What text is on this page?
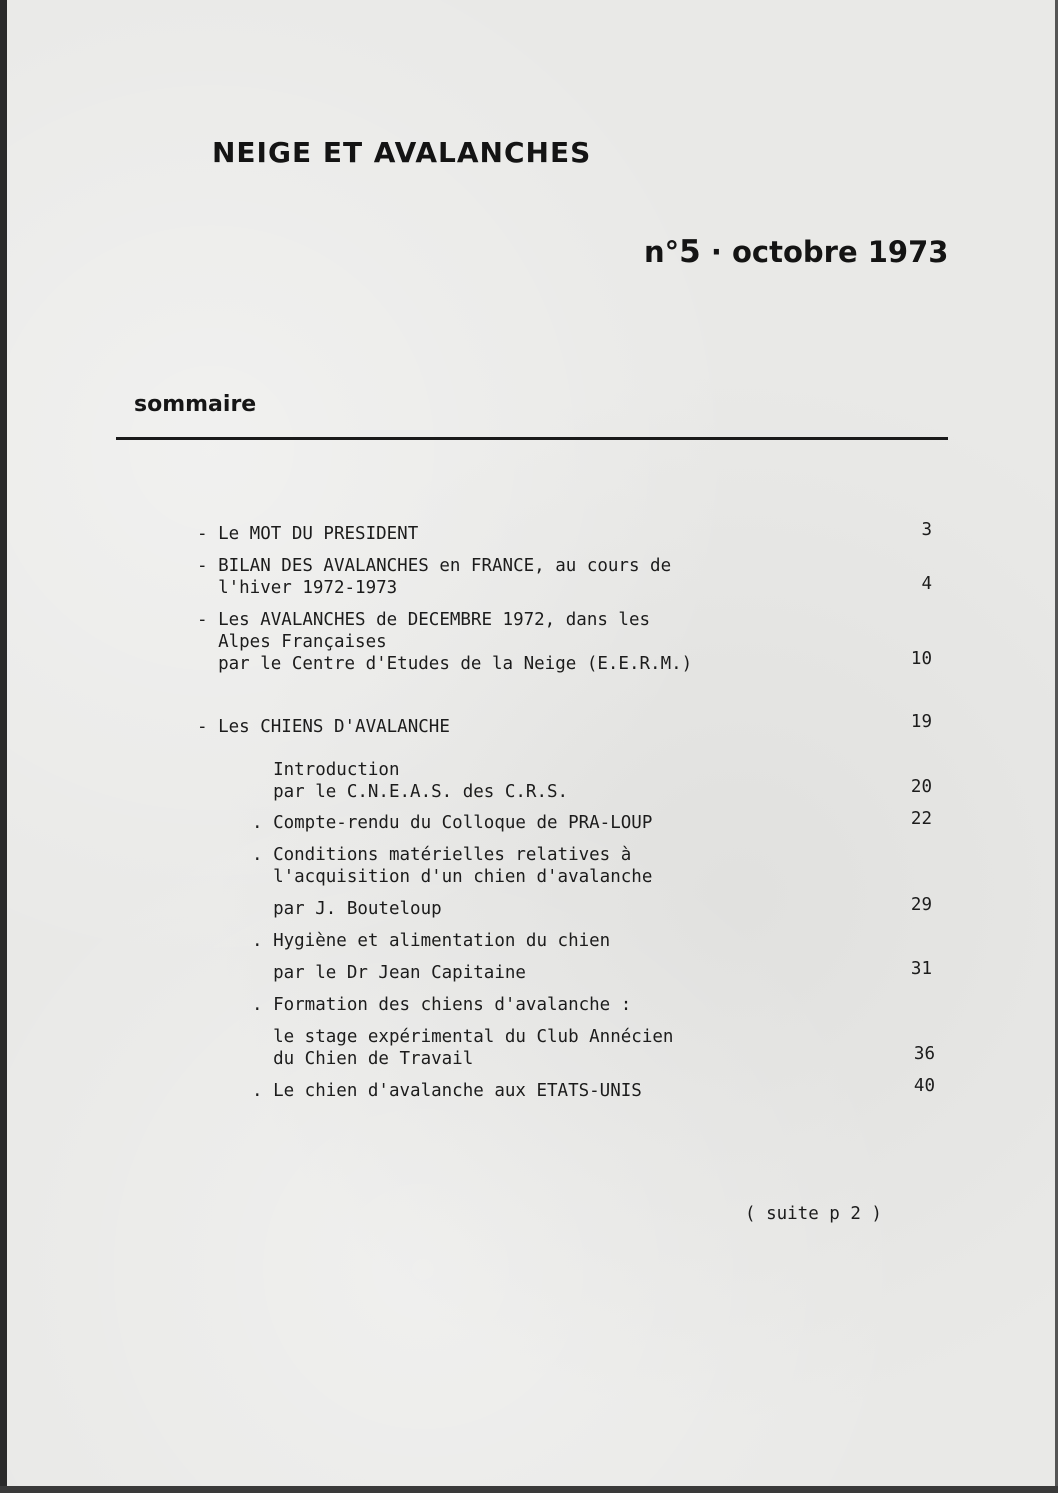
NEIGE ET AVALANCHES
n°5 · octobre 1973
sommaire
- Le MOT DU PRESIDENT	3
- BILAN DES AVALANCHES en FRANCE, au cours de
l'hiver 1972-1973	4
- Les AVALANCHES de DECEMBRE 1972, dans les
Alpes Françaises
par le Centre d'Etudes de la Neige (E.E.R.M.)	10
- Les CHIENS D'AVALANCHE	19
Introduction
par le C.N.E.A.S. des C.R.S.	20
. Compte-rendu du Colloque de PRA-LOUP	22
. Conditions matérielles relatives à
l'acquisition d'un chien d'avalanche
par J. Bouteloup	29
. Hygiène et alimentation du chien
par le Dr Jean Capitaine	31
. Formation des chiens d'avalanche :
le stage expérimental du Club Annécien
du Chien de Travail	36
. Le chien d'avalanche aux ETATS-UNIS	40
( suite p 2 )
